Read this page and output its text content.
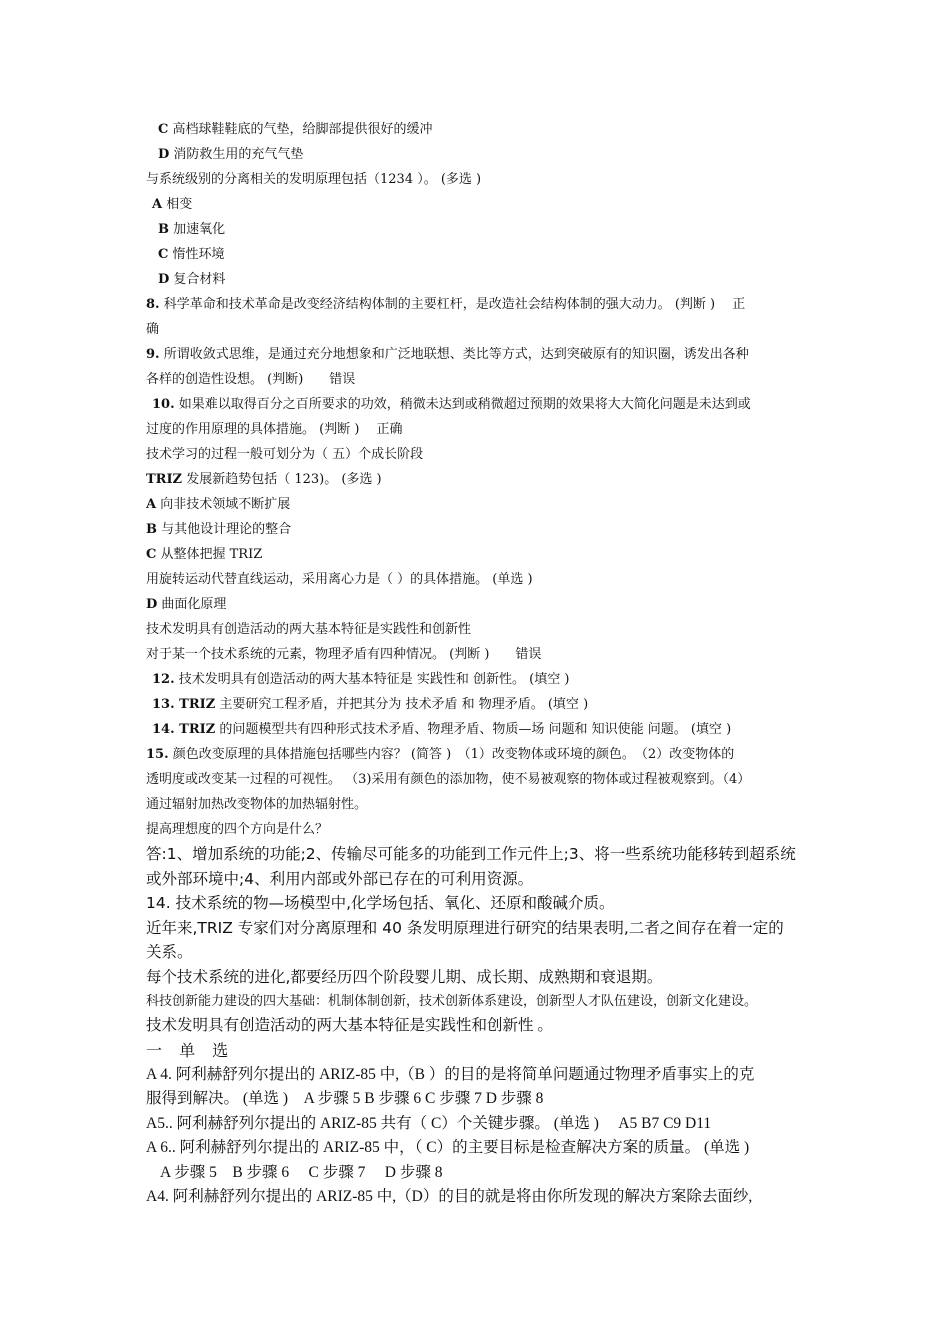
C 高档球鞋鞋底的气垫，给脚部提供很好的缓冲
D 消防救生用的充气气垫
与系统级别的分离相关的发明原理包括（1234 ）。 (多选 )
A 相变
B 加速氧化
C 惰性环境
D 复合材料
8. 科学革命和技术革命是改变经济结构体制的主要杠杆，是改造社会结构体制的强大动力。 (判断 )　 正
确
9. 所谓收敛式思维，是通过充分地想象和广泛地联想、类比等方式，达到突破原有的知识圈，诱发出各种
各样的创造性设想。 (判断)　　错误
10. 如果难以取得百分之百所要求的功效，稍微未达到或稍微超过预期的效果将大大简化问题是未达到或
过度的作用原理的具体措施。 (判断 )　 正确
技术学习的过程一般可划分为（ 五）个成长阶段
TRIZ 发展新趋势包括（ 123)。 (多选 )
A 向非技术领域不断扩展
B 与其他设计理论的整合
C 从整体把握 TRIZ
用旋转运动代替直线运动，采用离心力是（ ）的具体措施。 (单选 )
D 曲面化原理
技术发明具有创造活动的两大基本特征是实践性和创新性
对于某一个技术系统的元素，物理矛盾有四种情况。 (判断 )　　错误
12. 技术发明具有创造活动的两大基本特征是 实践性和 创新性。 (填空 )
13. TRIZ 主要研究工程矛盾，并把其分为 技术矛盾 和 物理矛盾。 (填空 )
14. TRIZ 的问题模型共有四种形式技术矛盾、物理矛盾、物质—场 问题和 知识使能 问题。 (填空 )
15. 颜色改变原理的具体措施包括哪些内容？ (简答 )　（1）改变物体或环境的颜色。　（2）改变物体的
透明度或改变某一过程的可视性。 （3)采用有颜色的添加物，使不易被观察的物体或过程被观察到。（4）
通过辐射加热改变物体的加热辐射性。
提高理想度的四个方向是什么？
答:1、增加系统的功能;2、传输尽可能多的功能到工作元件上;3、将一些系统功能移转到超系统
或外部环境中;4、利用内部或外部已存在的可利用资源。
14. 技术系统的物—场模型中,化学场包括、氧化、还原和酸碱介质。
近年来,TRIZ 专家们对分离原理和 40 条发明原理进行研究的结果表明,二者之间存在着一定的
关系。
每个技术系统的进化,都要经历四个阶段婴儿期、成长期、成熟期和衰退期。
科技创新能力建设的四大基础：机制体制创新，技术创新体系建设，创新型人才队伍建设，创新文化建设。
技术发明具有创造活动的两大基本特征是实践性和创新性 。
一 单 选
A 4. 阿利赫舒列尔提出的 ARIZ-85 中,（B ）的目的是将简单问题通过物理矛盾事实上的克
服得到解决。 (单选 )　A 步骤 5 B 步骤 6 C 步骤 7 D 步骤 8
A5.. 阿利赫舒列尔提出的 ARIZ-85 共有（ C）个关键步骤。 (单选 )　 A5 B7 C9 D11
A 6.. 阿利赫舒列尔提出的 ARIZ-85 中，（ C）的主要目标是检查解决方案的质量。 (单选 )
A 步骤 5　B 步骤 6　 C 步骤 7　 D 步骤 8
A4. 阿利赫舒列尔提出的 ARIZ-85 中,（D）的目的就是将由你所发现的解决方案除去面纱,
